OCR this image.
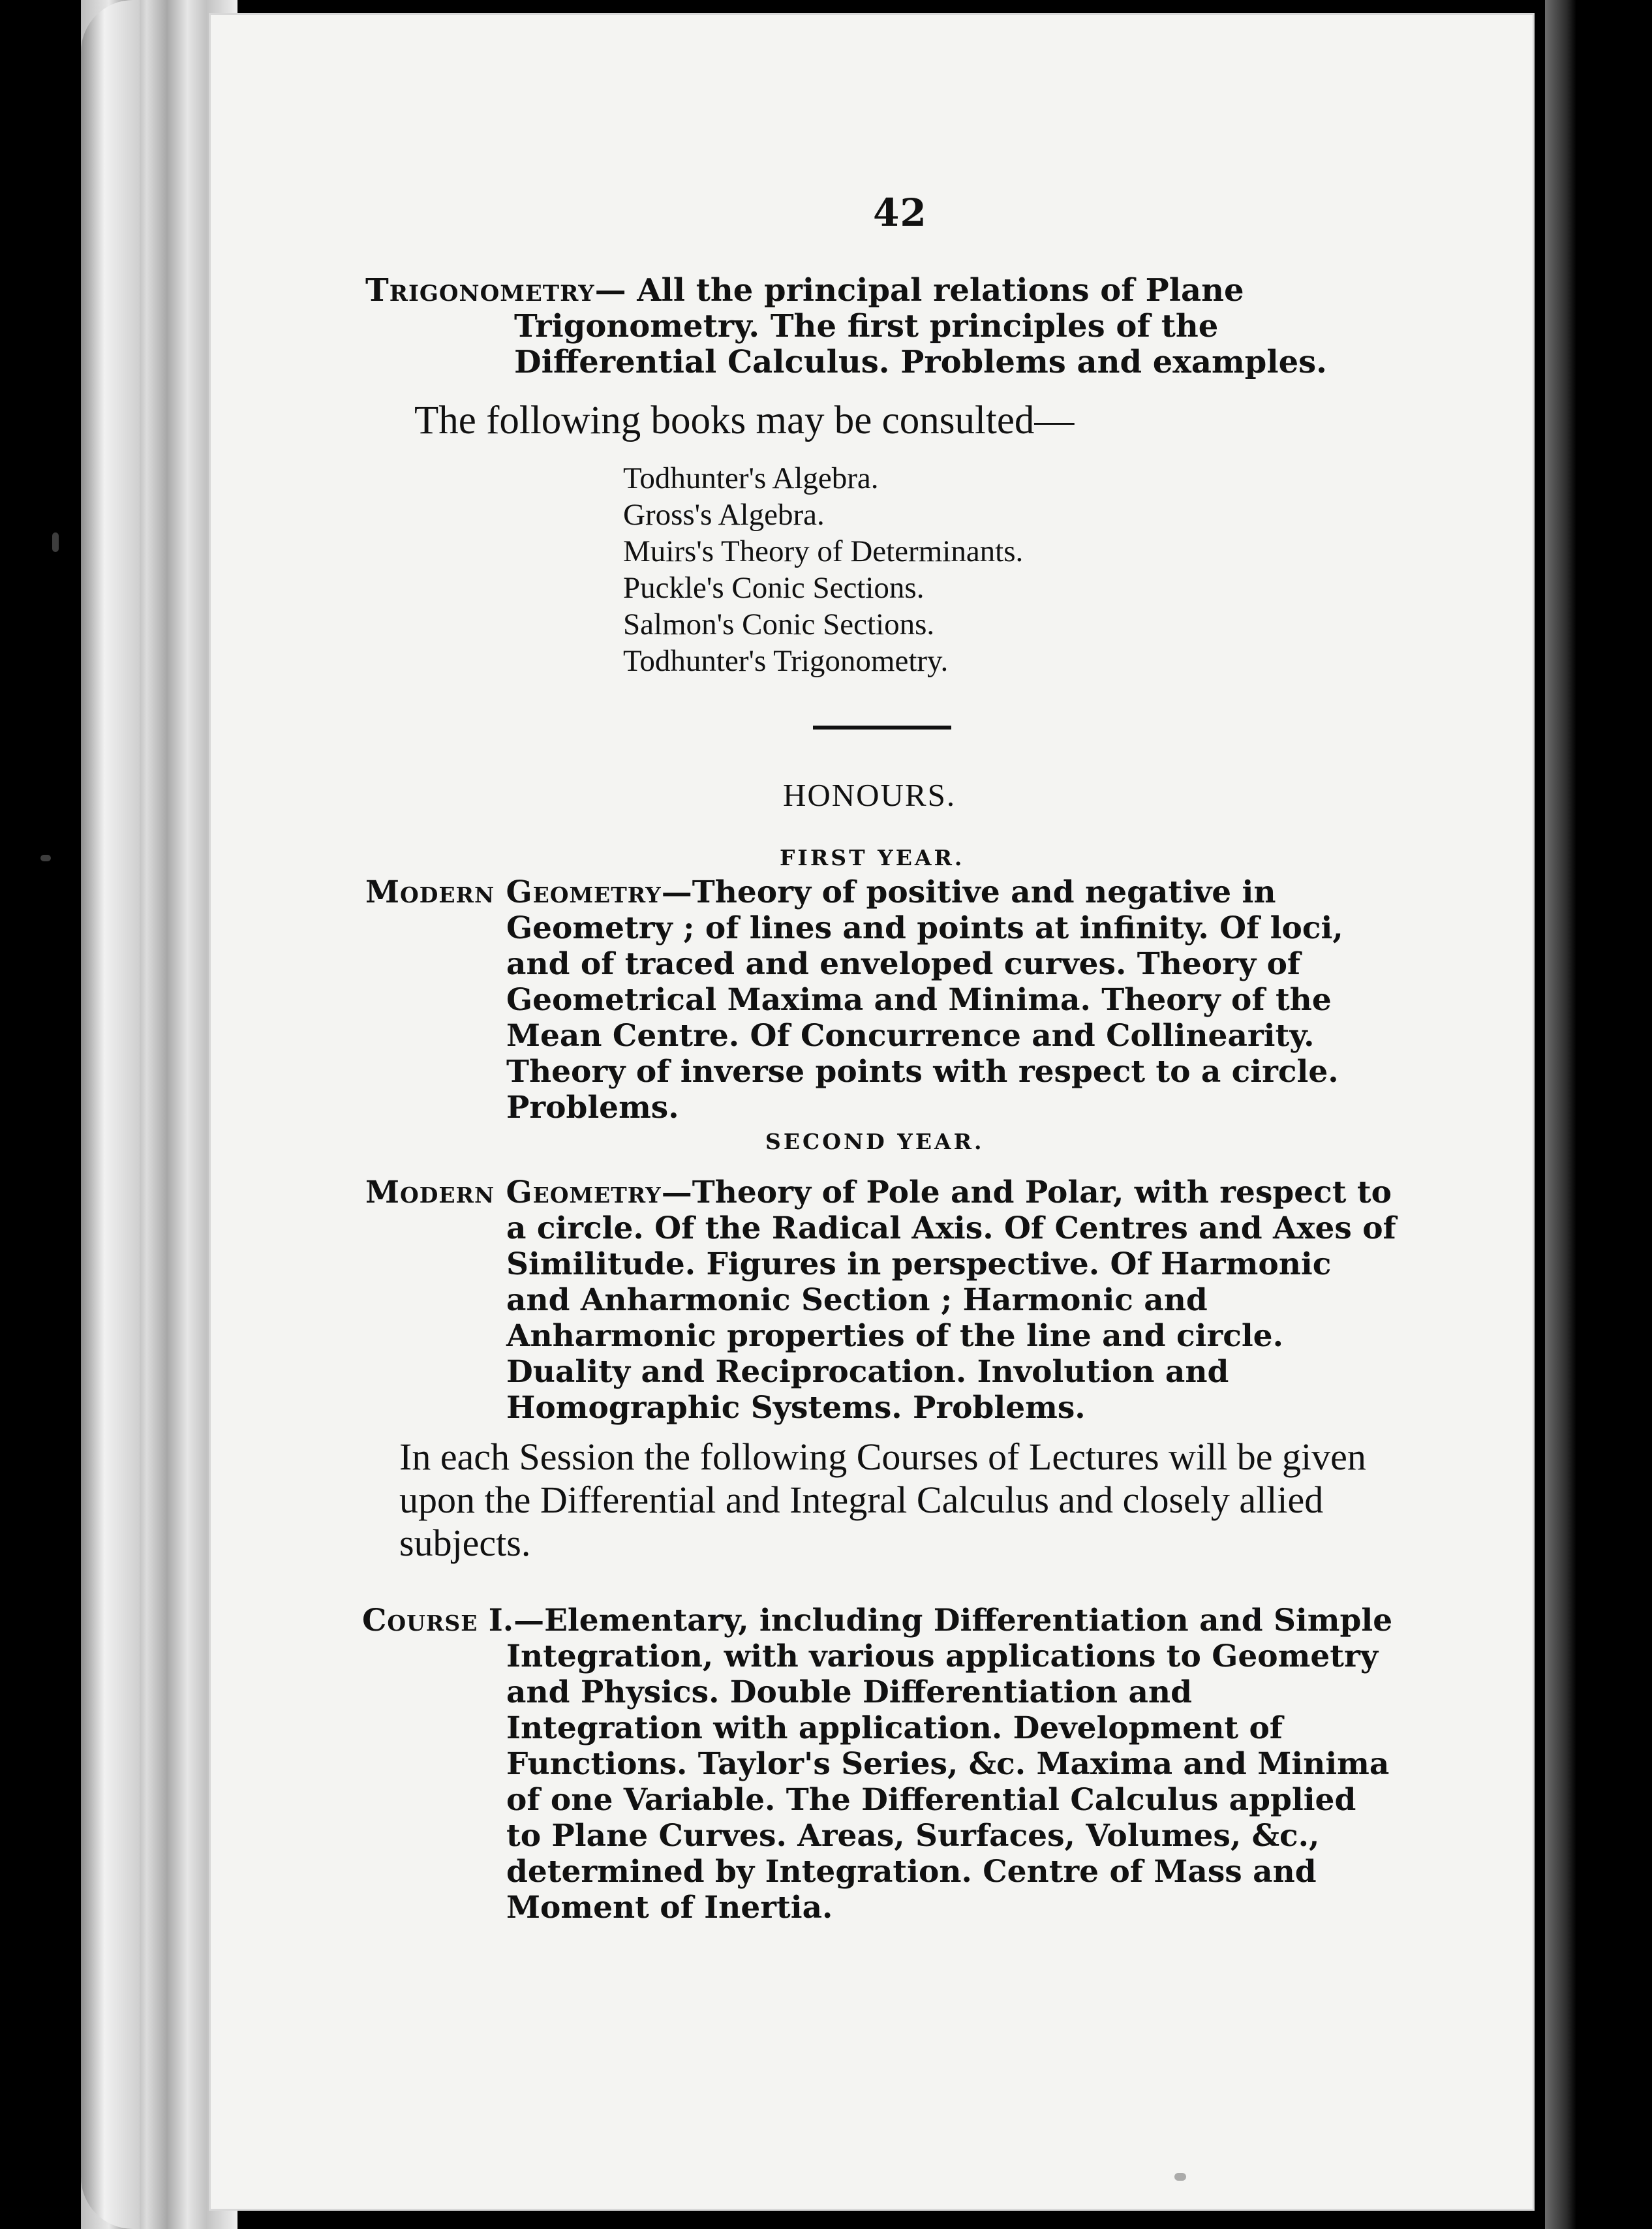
42
Trigonometry— All the principal relations of Plane Trigonometry. The first principles of the Differential Calculus. Problems and examples.
The following books may be consulted—
Todhunter's Algebra.
Gross's Algebra.
Muirs's Theory of Determinants.
Puckle's Conic Sections.
Salmon's Conic Sections.
Todhunter's Trigonometry.
HONOURS.
FIRST YEAR.
Modern Geometry—Theory of positive and negative in Geometry ; of lines and points at infinity. Of loci, and of traced and enveloped curves. Theory of Geometrical Maxima and Minima. Theory of the Mean Centre. Of Concurrence and Collinearity. Theory of inverse points with respect to a circle. Problems.
SECOND YEAR.
Modern Geometry—Theory of Pole and Polar, with respect to a circle. Of the Radical Axis. Of Centres and Axes of Similitude. Figures in perspective. Of Harmonic and Anharmonic Section ; Harmonic and Anharmonic properties of the line and circle. Duality and Reciprocation. Involution and Homographic Systems. Problems.
In each Session the following Courses of Lectures will be given upon the Differential and Integral Calculus and closely allied subjects.
Course I.—Elementary, including Differentiation and Simple Integration, with various applications to Geometry and Physics. Double Differentiation and Integration with application. Development of Functions. Taylor's Series, &c. Maxima and Minima of one Variable. The Differential Calculus applied to Plane Curves. Areas, Surfaces, Volumes, &c., determined by Integration. Centre of Mass and Moment of Inertia.
